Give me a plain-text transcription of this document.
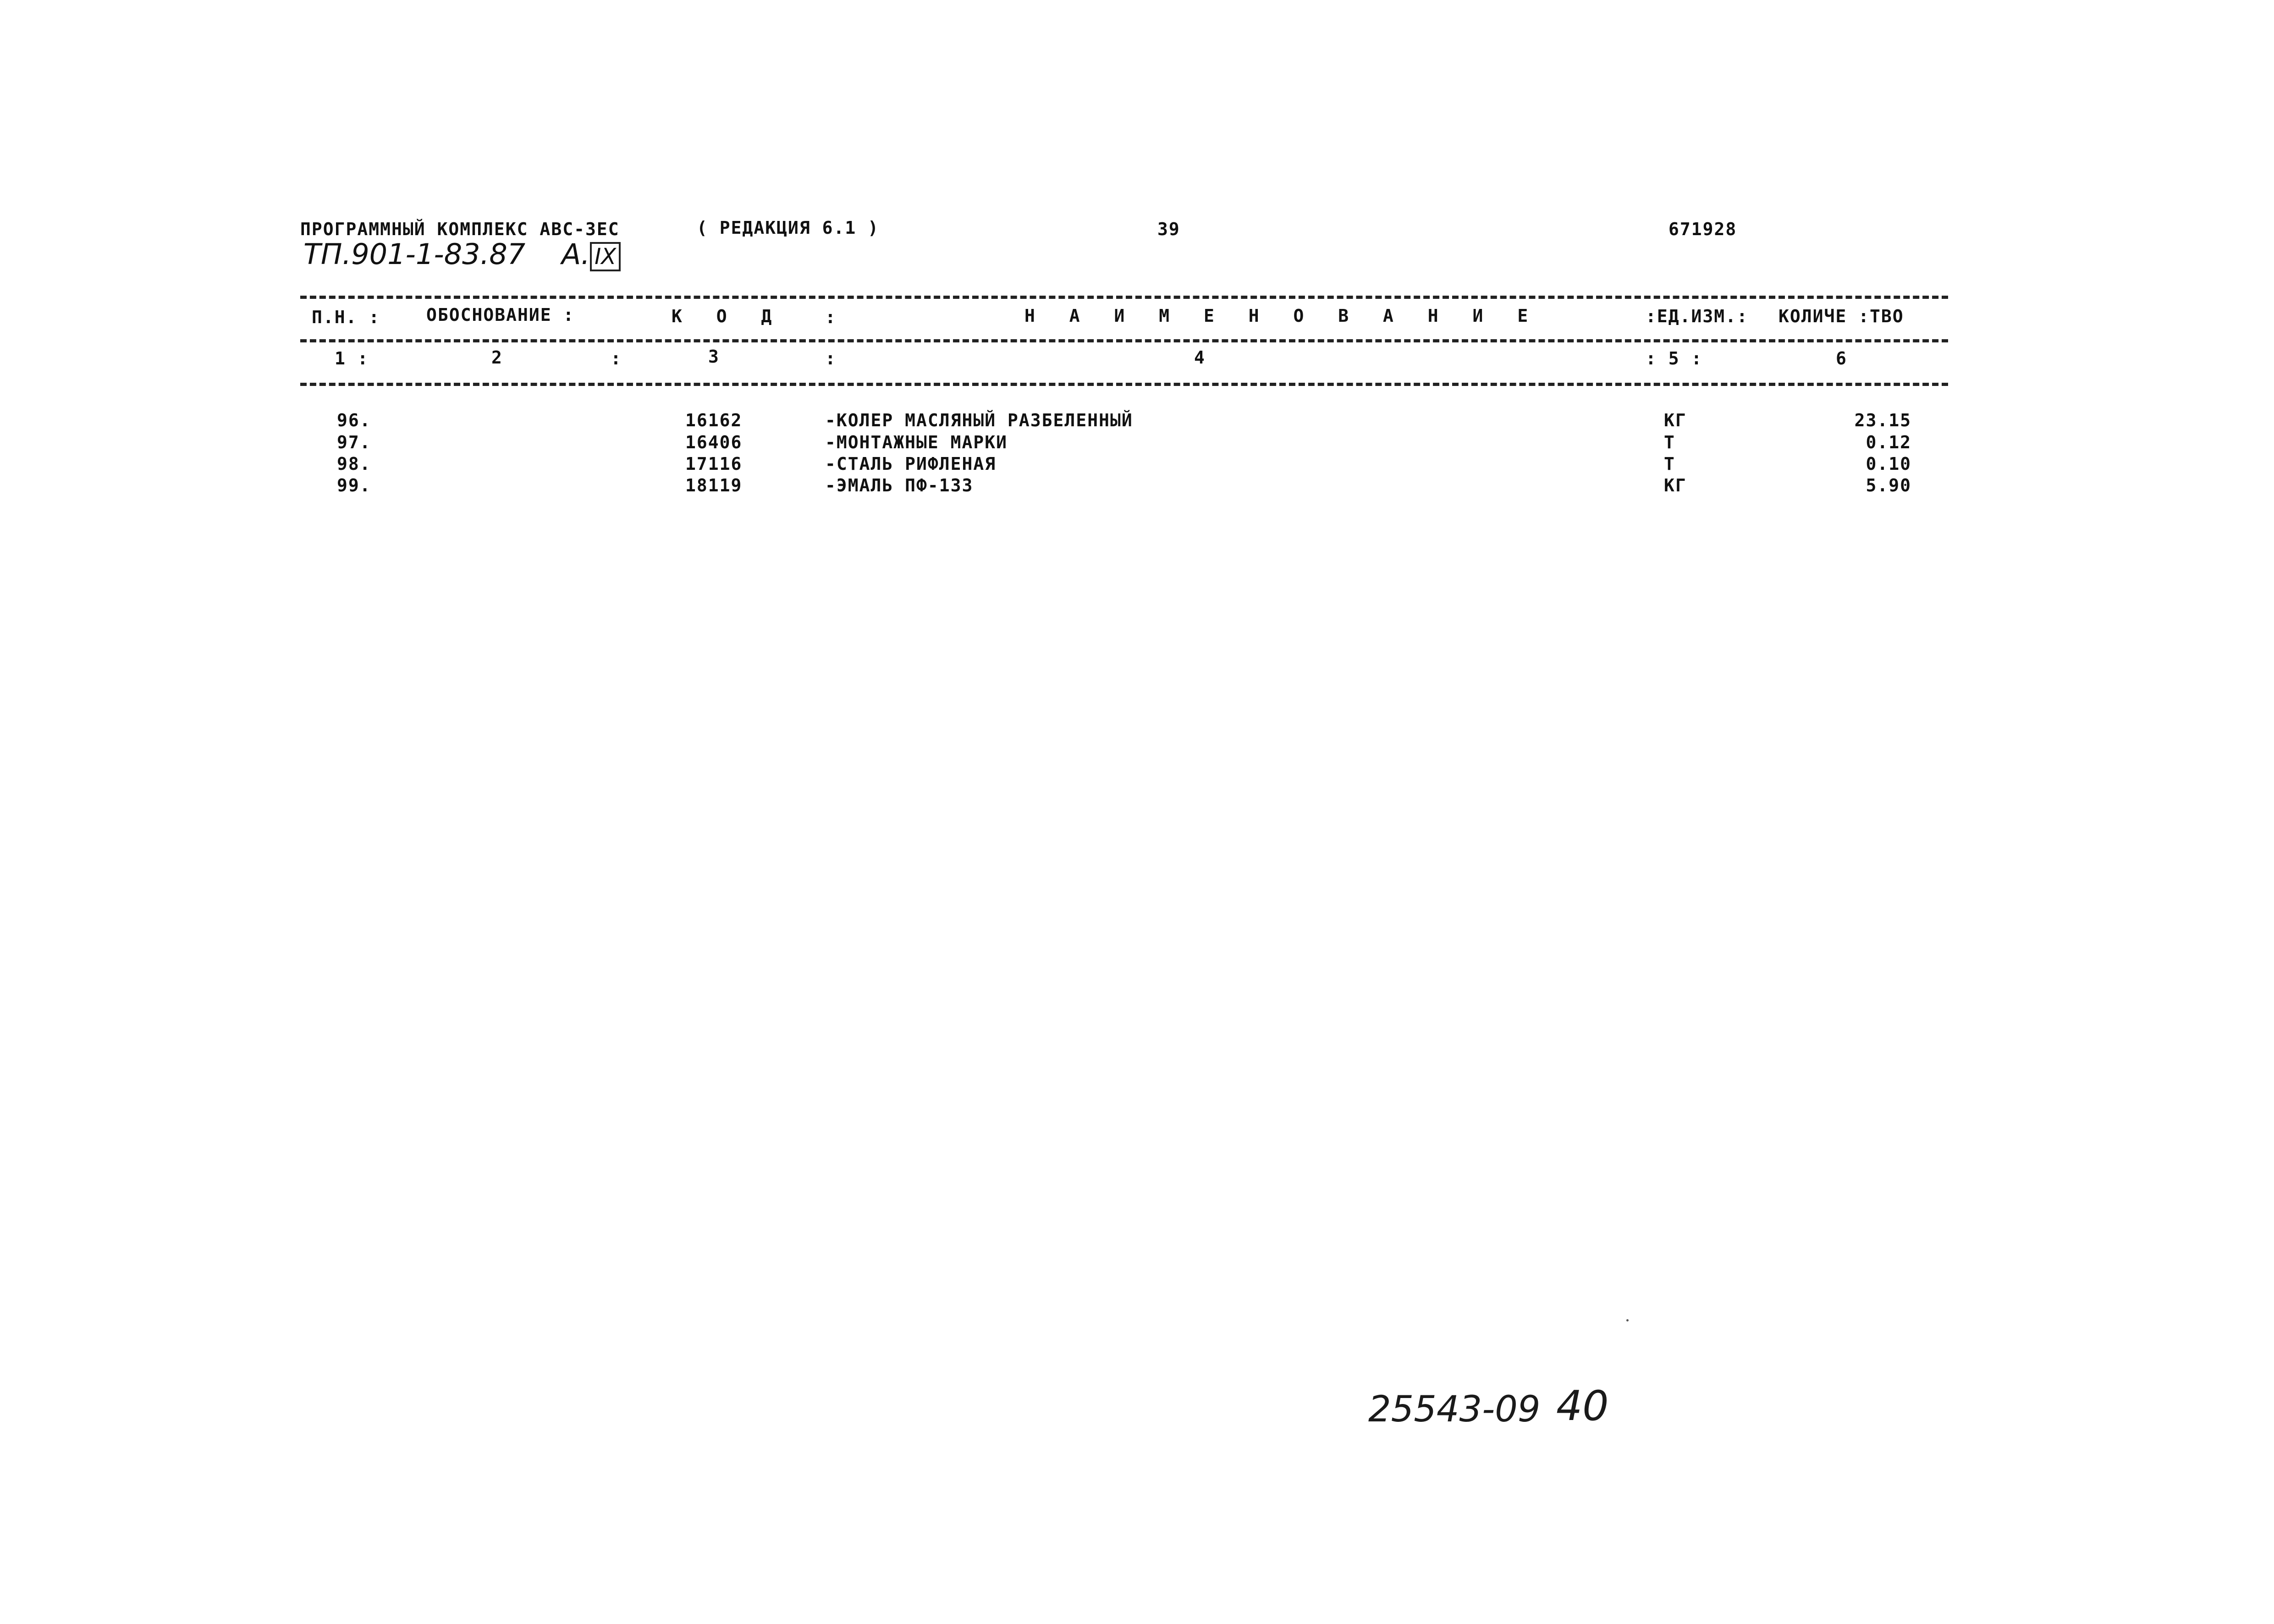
ПРОГРАММНЫЙ КОМПЛЕКС АВС-3ЕС	( РЕДАКЦИЯ 6.1 )	39	671928
ТП.901-1-83.87 А. IX
П.Н. :	ОБОСНОВАНИЕ :	К О Д :	Н А И М Е Н О В А Н И Е	:ЕД.ИЗМ.: КОЛИЧЕ :ТВО
1 :	2	:	3	:	4	: 5 :	6
96.	16162	-КОЛЕР МАСЛЯНЫЙ РАЗБЕЛЕННЫЙ	КГ	23.15
97.	16406	-МОНТАЖНЫЕ МАРКИ	Т	0.12
98.	17116	-СТАЛЬ РИФЛЕНАЯ	Т	0.10
99.	18119	-ЭМАЛЬ ПФ-133	КГ	5.90
25543-09 40
